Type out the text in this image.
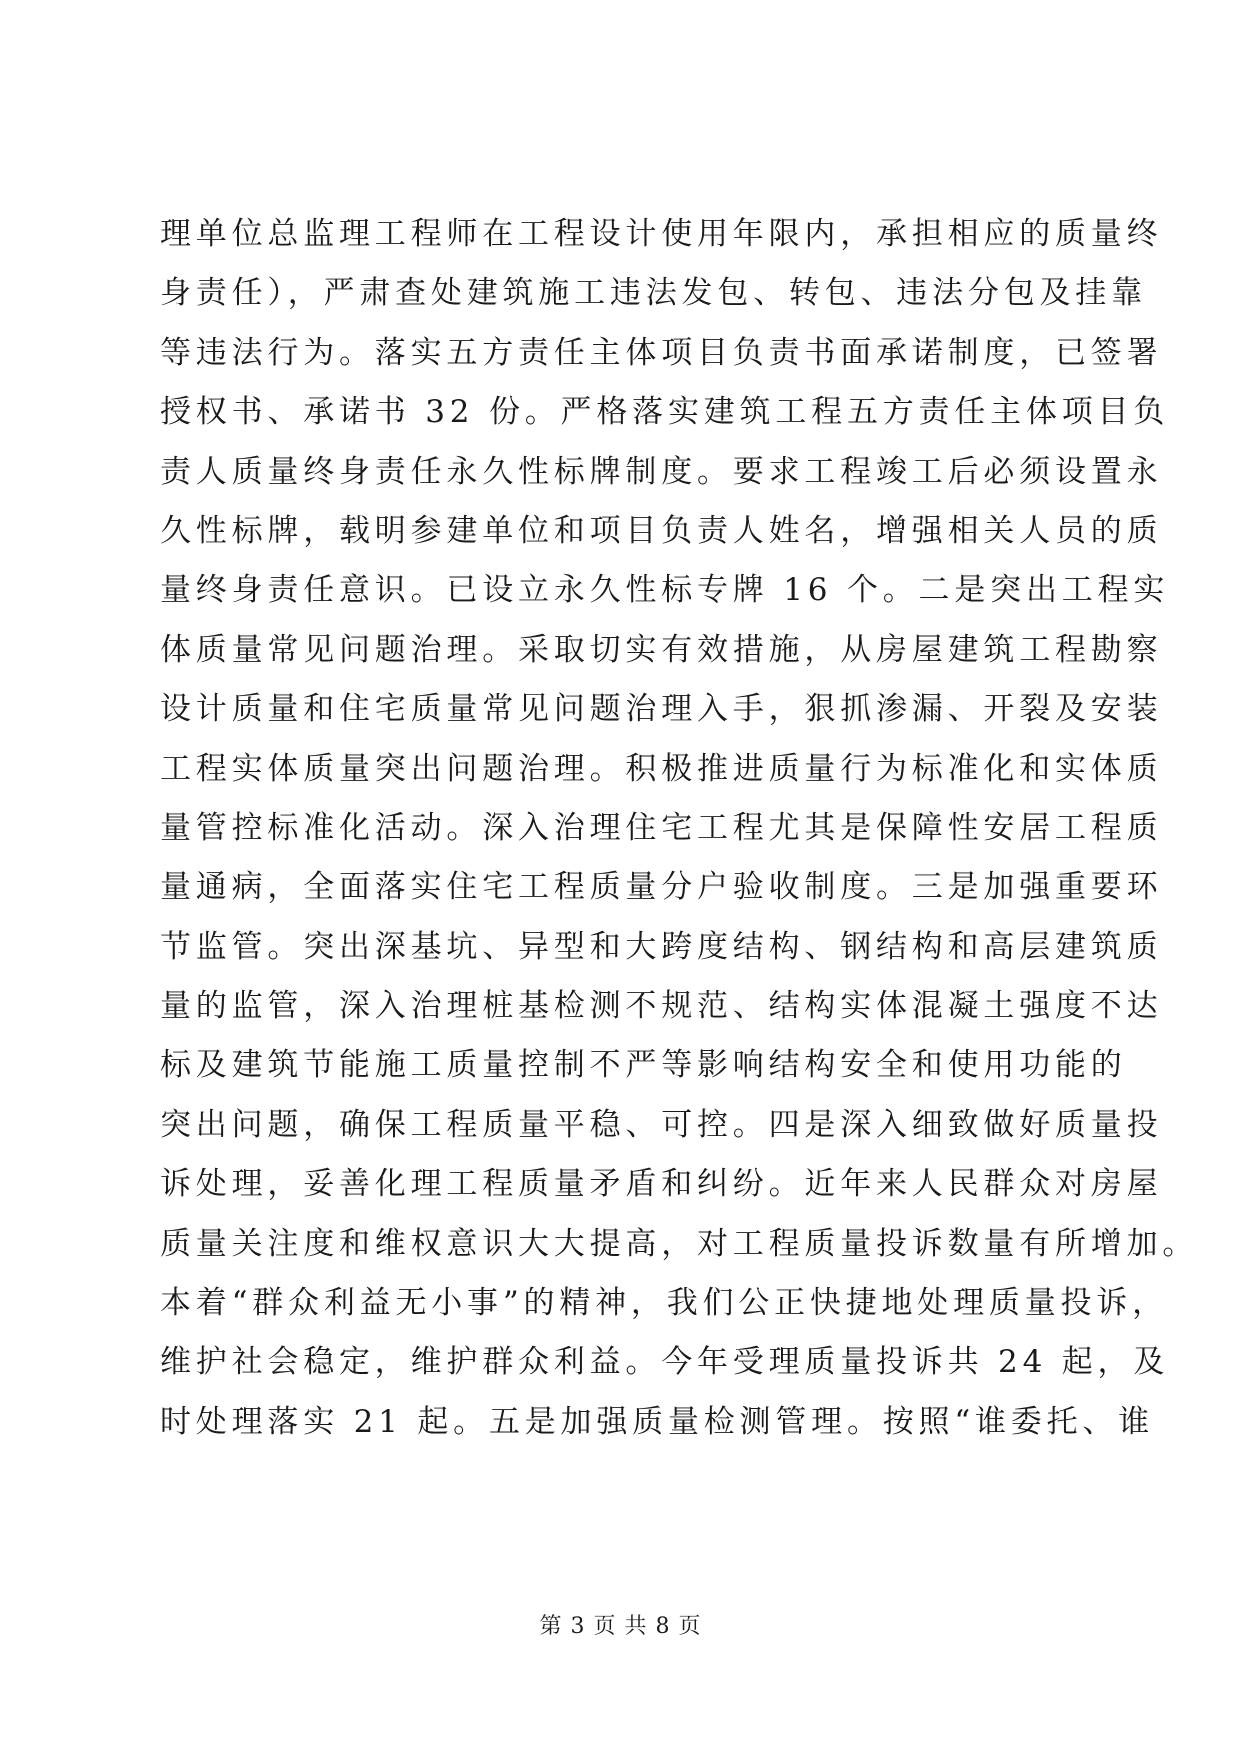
理单位总监理工程师在工程设计使用年限内，承担相应的质量终
身责任），严肃查处建筑施工违法发包、转包、违法分包及挂靠
等违法行为。落实五方责任主体项目负责书面承诺制度，已签署
授权书、承诺书 32 份。严格落实建筑工程五方责任主体项目负
责人质量终身责任永久性标牌制度。要求工程竣工后必须设置永
久性标牌，载明参建单位和项目负责人姓名，增强相关人员的质
量终身责任意识。已设立永久性标专牌 16 个。二是突出工程实
体质量常见问题治理。采取切实有效措施，从房屋建筑工程勘察
设计质量和住宅质量常见问题治理入手，狠抓渗漏、开裂及安装
工程实体质量突出问题治理。积极推进质量行为标准化和实体质
量管控标准化活动。深入治理住宅工程尤其是保障性安居工程质
量通病，全面落实住宅工程质量分户验收制度。三是加强重要环
节监管。突出深基坑、异型和大跨度结构、钢结构和高层建筑质
量的监管，深入治理桩基检测不规范、结构实体混凝土强度不达
标及建筑节能施工质量控制不严等影响结构安全和使用功能的
突出问题，确保工程质量平稳、可控。四是深入细致做好质量投
诉处理，妥善化理工程质量矛盾和纠纷。近年来人民群众对房屋
质量关注度和维权意识大大提高，对工程质量投诉数量有所增加。
本着“群众利益无小事”的精神，我们公正快捷地处理质量投诉，
维护社会稳定，维护群众利益。今年受理质量投诉共 24 起，及
时处理落实 21 起。五是加强质量检测管理。按照“谁委托、谁
第 3 页 共 8 页
